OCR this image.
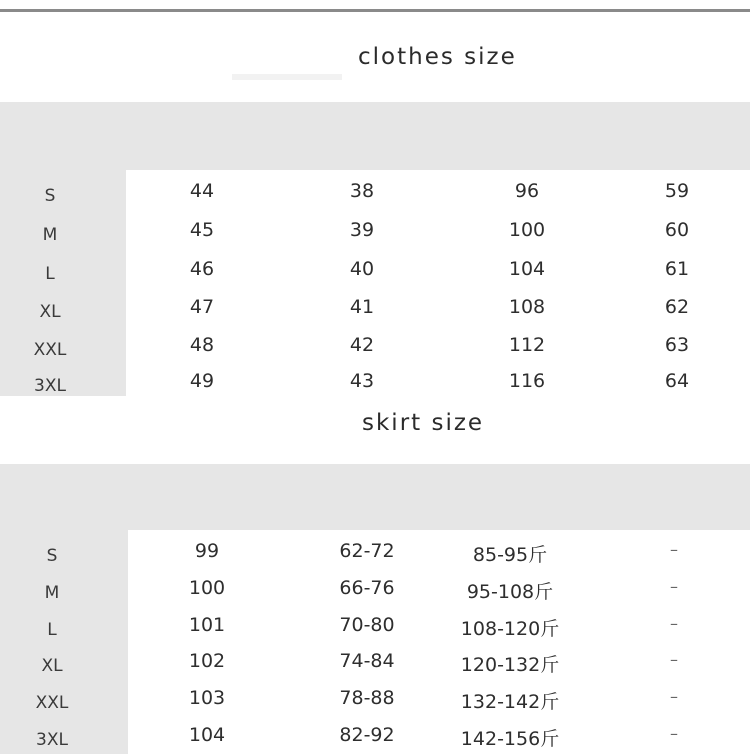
clothes size
S	44	38	96	59
M	45	39	100	60
L	46	40	104	61
XL	47	41	108	62
XXL	48	42	112	63
3XL	49	43	116	64
skirt size
S	99	62-72	85-95斤	–
M	100	66-76	95-108斤	–
L	101	70-80	108-120斤	–
XL	102	74-84	120-132斤	–
XXL	103	78-88	132-142斤	–
3XL	104	82-92	142-156斤	–
